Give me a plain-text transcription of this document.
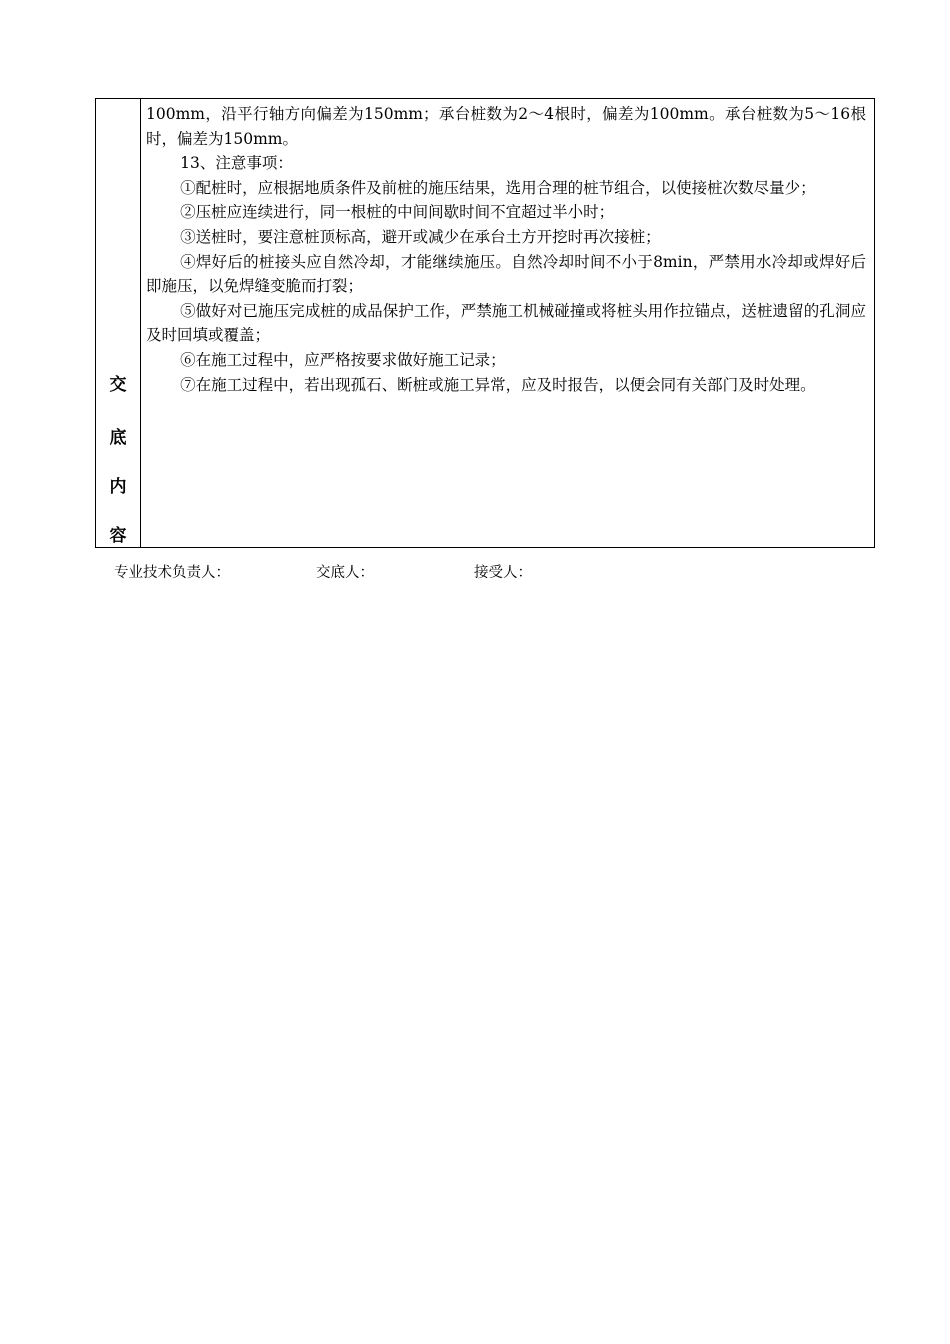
交
底
内
容

100mm，沿平行轴方向偏差为150mm；承台桩数为2～4根时，偏差为100mm。承台桩数为5～16根时，偏差为150mm。

13、注意事项：

①配桩时，应根据地质条件及前桩的施压结果，选用合理的桩节组合，以使接桩次数尽量少；

②压桩应连续进行，同一根桩的中间间歇时间不宜超过半小时；

③送桩时，要注意桩顶标高，避开或减少在承台土方开挖时再次接桩；

④焊好后的桩接头应自然冷却，才能继续施压。自然冷却时间不小于8min，严禁用水冷却或焊好后即施压，以免焊缝变脆而打裂；

⑤做好对已施压完成桩的成品保护工作，严禁施工机械碰撞或将桩头用作拉锚点，送桩遗留的孔洞应及时回填或覆盖；

⑥在施工过程中，应严格按要求做好施工记录；

⑦在施工过程中，若出现孤石、断桩或施工异常，应及时报告，以便会同有关部门及时处理。

专业技术负责人：	交底人：	接受人：
